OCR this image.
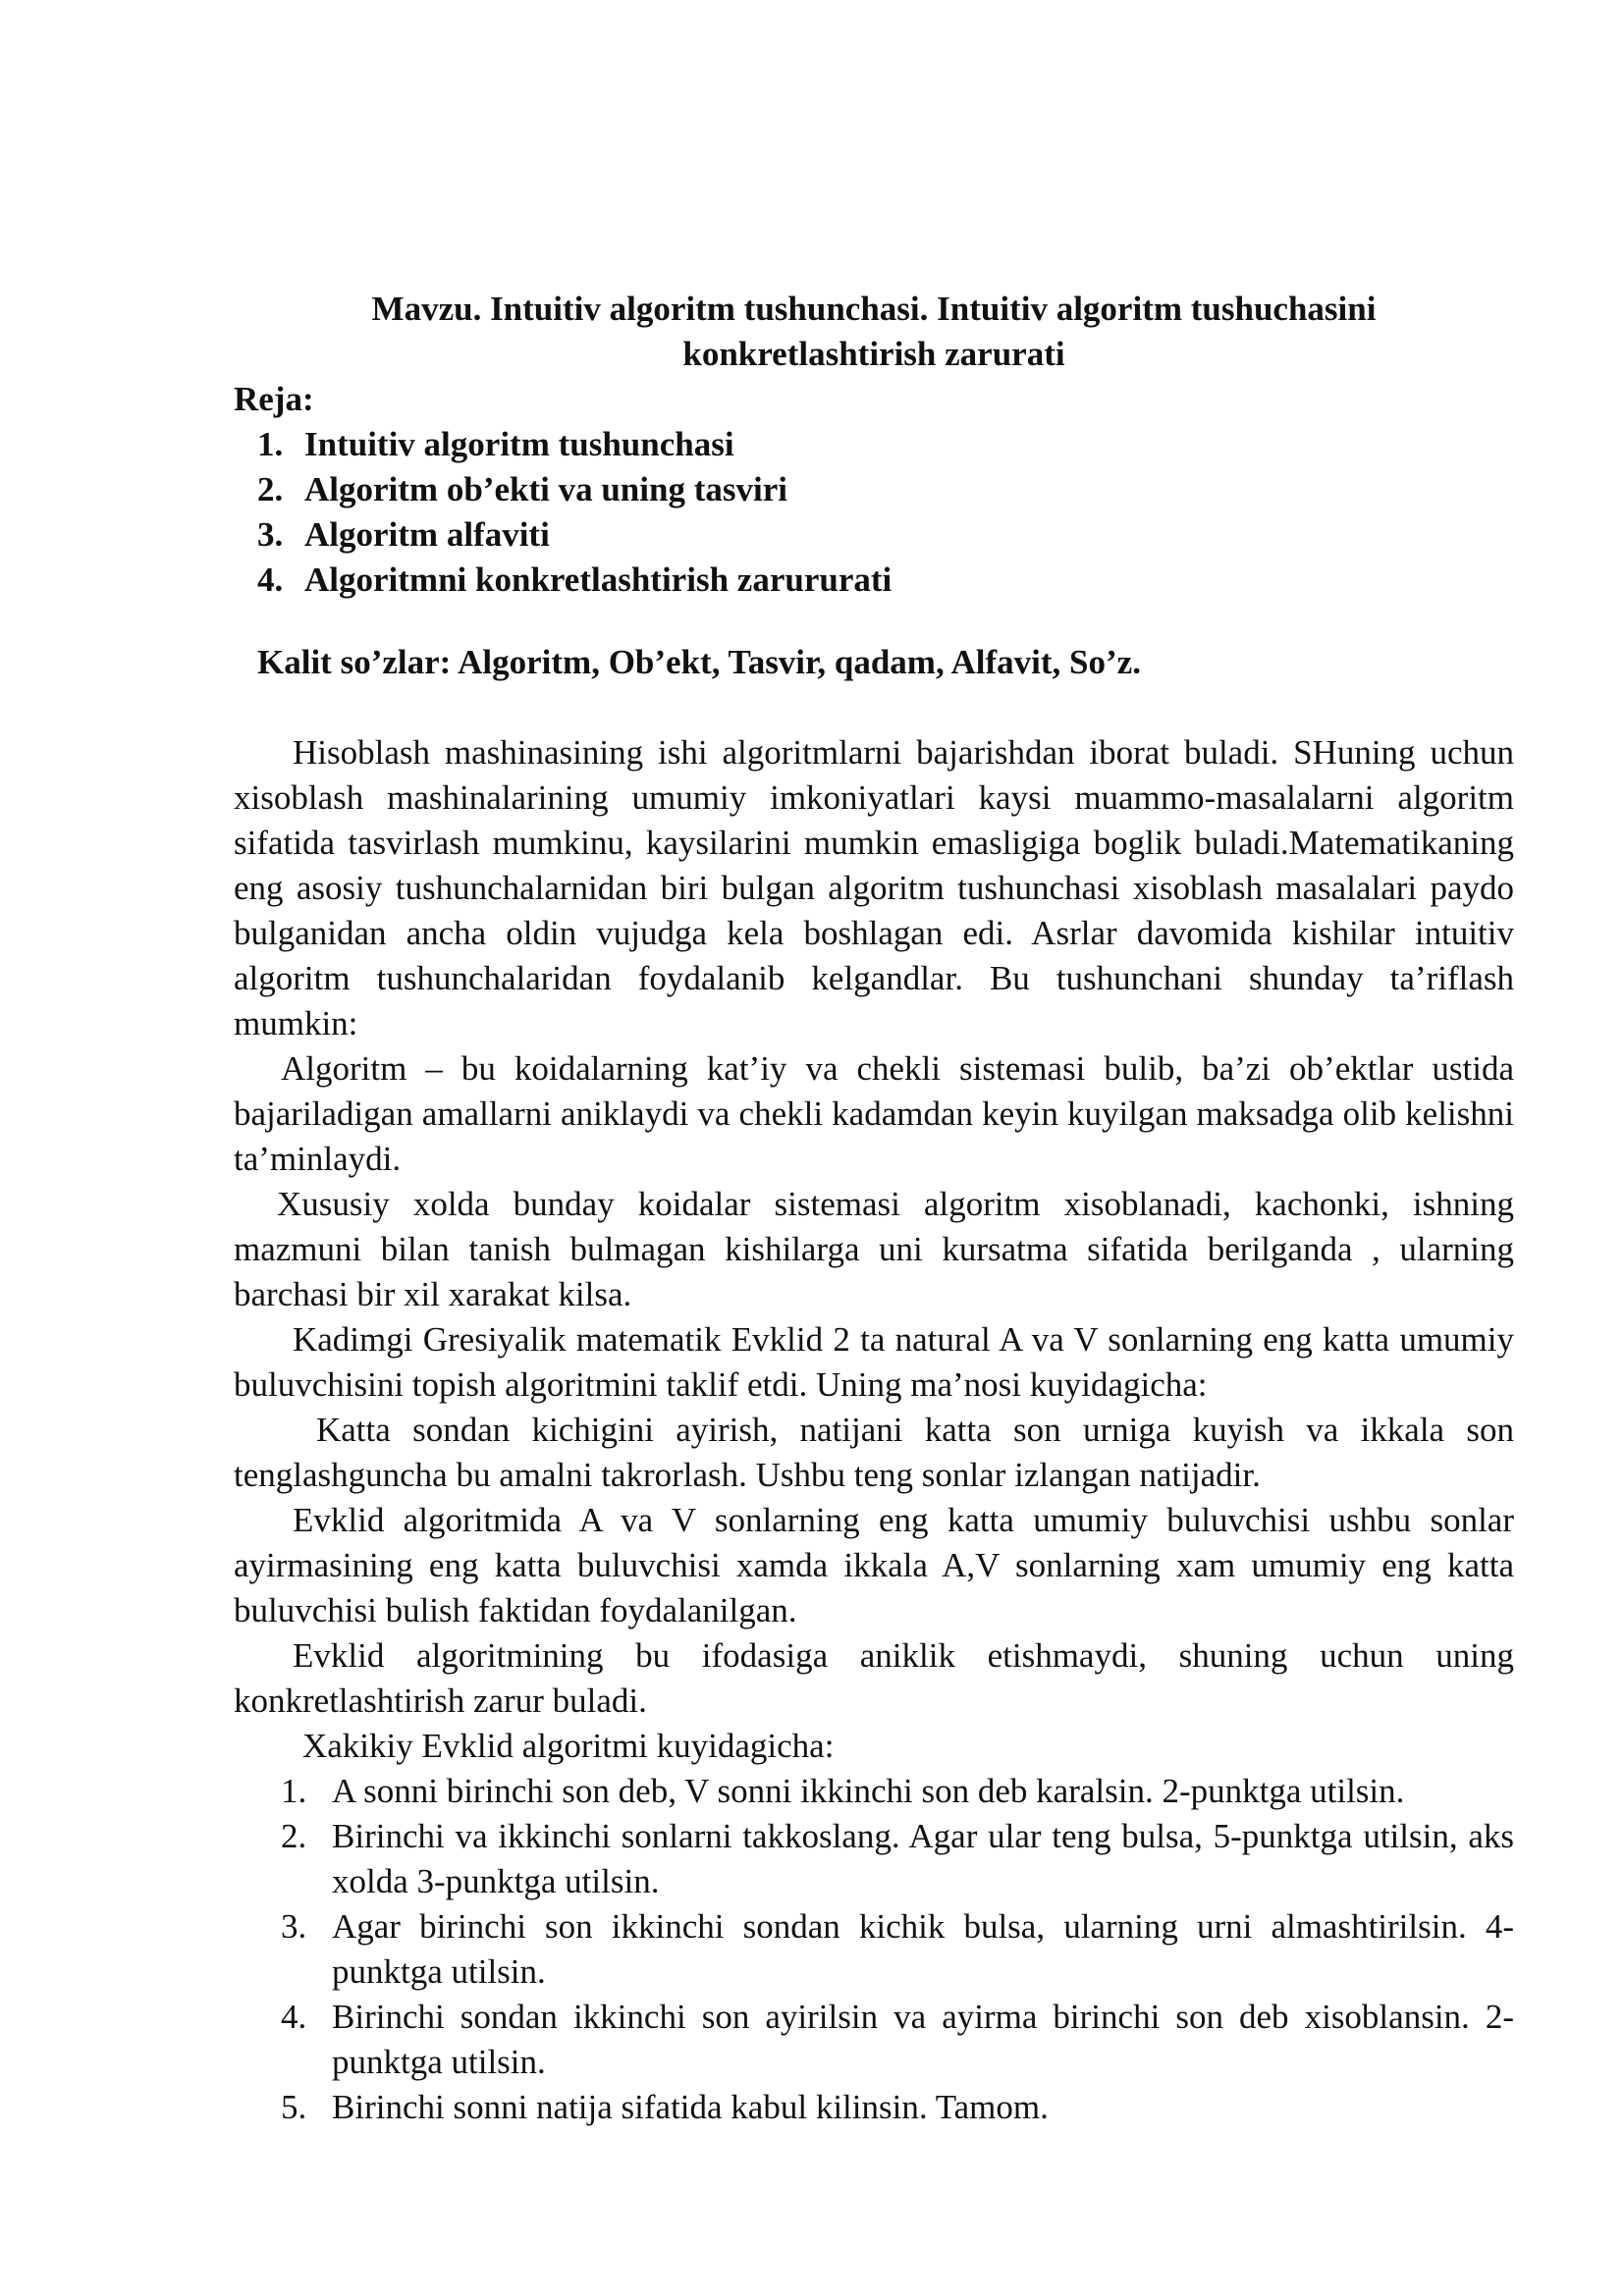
Mavzu. Intuitiv algoritm tushunchasi. Intuitiv algoritm tushuchasini
konkretlashtirish zarurati

Reja:

1. Intuitiv algoritm tushunchasi
2. Algoritm ob’ekti va uning tasviri
3. Algoritm alfaviti
4. Algoritmni konkretlashtirish zarururati

Kalit so’zlar: Algoritm, Ob’ekt, Tasvir, qadam, Alfavit, So’z.

Hisoblash mashinasining ishi algoritmlarni bajarishdan iborat buladi. SHuning uchun xisoblash mashinalarining umumiy imkoniyatlari kaysi muammo-masalalarni algoritm sifatida tasvirlash mumkinu, kaysilarini mumkin emasligiga boglik buladi.Matematikaning eng asosiy tushunchalarnidan biri bulgan algoritm tushunchasi xisoblash masalalari paydo bulganidan ancha oldin vujudga kela boshlagan edi. Asrlar davomida kishilar intuitiv algoritm tushunchalaridan foydalanib kelgandlar. Bu tushunchani shunday ta’riflash mumkin:

Algoritm – bu koidalarning kat’iy va chekli sistemasi bulib, ba’zi ob’ektlar ustida bajariladigan amallarni aniklaydi va chekli kadamdan keyin kuyilgan maksadga olib kelishni ta’minlaydi.

Xususiy xolda bunday koidalar sistemasi algoritm xisoblanadi, kachonki, ishning mazmuni bilan tanish bulmagan kishilarga uni kursatma sifatida berilganda , ularning barchasi bir xil xarakat kilsa.

Kadimgi Gresiyalik matematik Evklid 2 ta natural A va V sonlarning eng katta umumiy buluvchisini topish algoritmini taklif etdi. Uning ma’nosi kuyidagicha:

Katta sondan kichigini ayirish, natijani katta son urniga kuyish va ikkala son tenglashguncha bu amalni takrorlash. Ushbu teng sonlar izlangan natijadir.

Evklid algoritmida A va V sonlarning eng katta umumiy buluvchisi ushbu sonlar ayirmasining eng katta buluvchisi xamda ikkala A,V sonlarning xam umumiy eng katta buluvchisi bulish faktidan foydalanilgan.

Evklid algoritmining bu ifodasiga aniklik etishmaydi, shuning uchun uning konkretlashtirish zarur buladi.

Xakikiy Evklid algoritmi kuyidagicha:

1. A sonni birinchi son deb, V sonni ikkinchi son deb karalsin. 2-punktga utilsin.
2. Birinchi va ikkinchi sonlarni takkoslang. Agar ular teng bulsa, 5-punktga utilsin, aks xolda 3-punktga utilsin.
3. Agar birinchi son ikkinchi sondan kichik bulsa, ularning urni almashtirilsin. 4-punktga utilsin.
4. Birinchi sondan ikkinchi son ayirilsin va ayirma birinchi son deb xisoblansin. 2-punktga utilsin.
5. Birinchi sonni natija sifatida kabul kilinsin. Tamom.
